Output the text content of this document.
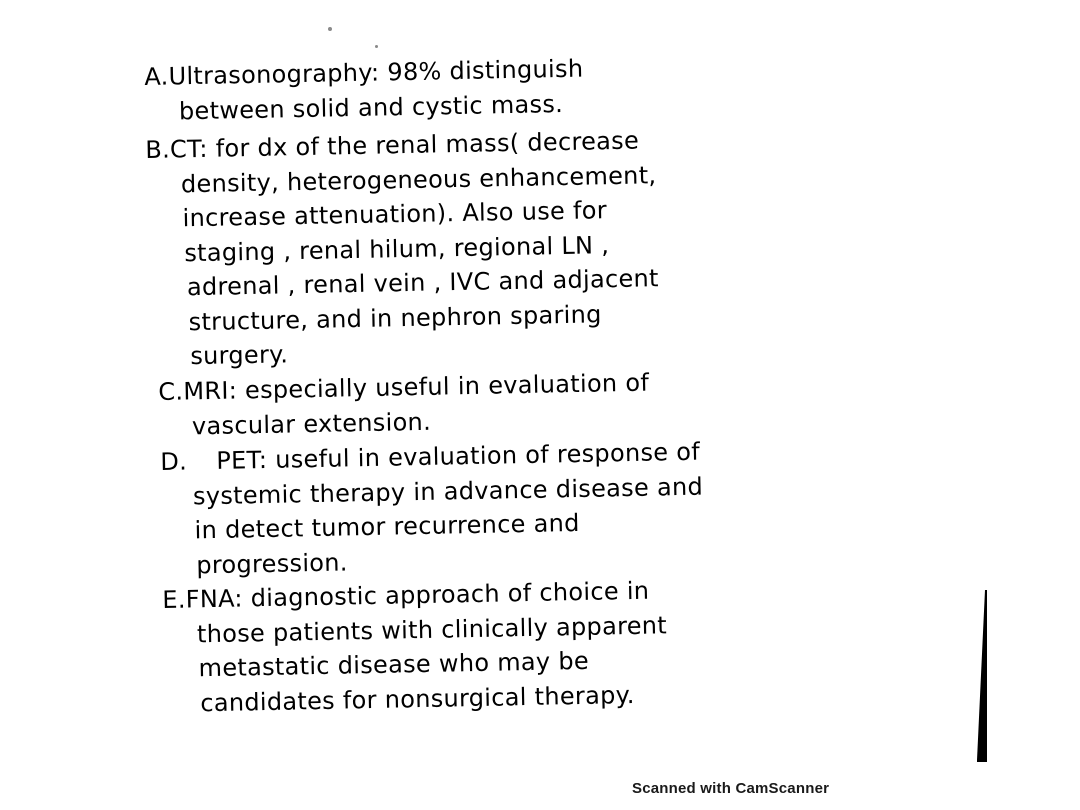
A.Ultrasonography: 98% distinguish
between solid and cystic mass.
B.CT: for dx of the renal mass( decrease
density, heterogeneous enhancement,
increase attenuation). Also use for
staging , renal hilum, regional LN ,
adrenal , renal vein , IVC and adjacent
structure, and in nephron sparing
surgery.
C.MRI: especially useful in evaluation of
vascular extension.
D. PET: useful in evaluation of response of
systemic therapy in advance disease and
in detect tumor recurrence and
progression.
E.FNA: diagnostic approach of choice in
those patients with clinically apparent
metastatic disease who may be
candidates for nonsurgical therapy.
Scanned with CamScanner
